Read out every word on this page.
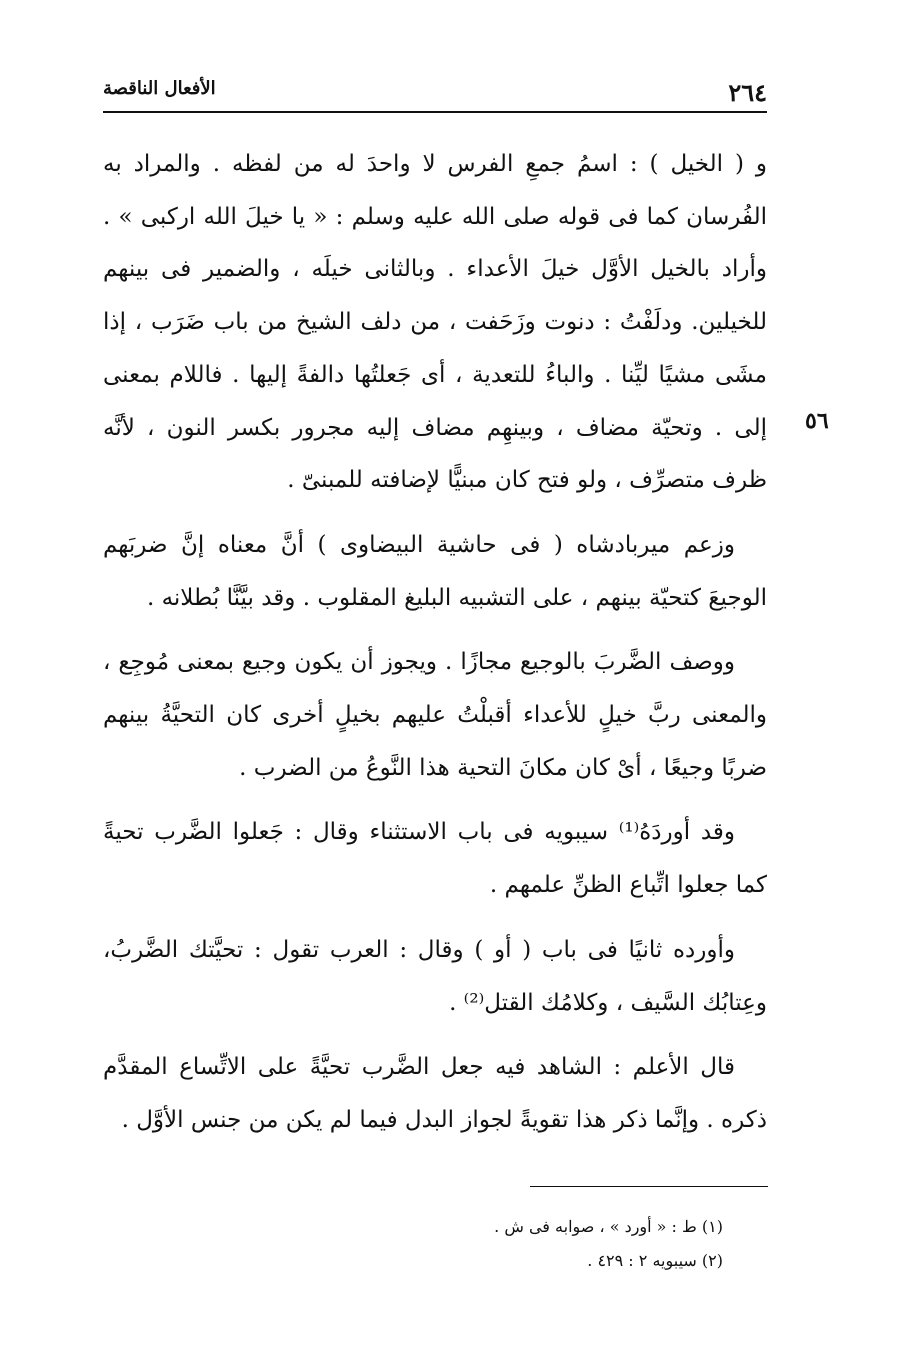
٢٦٤
الأفعال الناقصة
٥٦

و ( الخيل ) : اسمُ جمعِ الفرس لا واحدَ له من لفظه . والمراد به الفُرسان كما فى قوله صلى الله عليه وسلم : « يا خيلَ الله اركبى » . وأراد بالخيل الأوَّل خيلَ الأعداء . وبالثانى خيلَه ، والضمير فى بينهم للخيلين. ودلَفْتُ : دنوت وزَحَفت ، من دلف الشيخ من باب ضَرَب ، إذا مشَى مشيًا ليِّنا . والباءُ للتعدية ، أى جَعلتُها دالفةً إليها . فاللام بمعنى إلى . وتحيّة مضاف ، وبينهِم مضاف إليه مجرور بكسر النون ، لأنَّه ظرف متصرِّف ، ولو فتح كان مبنيًّا لإضافته للمبنىّ .

وزعم ميربادشاه ( فى حاشية البيضاوى ) أنَّ معناه إنَّ ضربَهم الوجيعَ كتحيّة بينهم ، على التشبيه البليغ المقلوب . وقد بيَّنَّا بُطلانه .

ووصف الضَّربَ بالوجيع مجازًا . ويجوز أن يكون وجيع بمعنى مُوجِع ، والمعنى ربَّ خيلٍ للأعداء أقبلْتُ عليهم بخيلٍ أخرى كان التحيَّةُ بينهم ضربًا وجيعًا ، أىْ كان مكانَ التحية هذا النَّوعُ من الضرب .

وقد أوردَهُ⁽¹⁾ سيبويه فى باب الاستثناء وقال : جَعلوا الضَّرب تحيةً كما جعلوا اتِّباع الظنِّ علمهم .

وأورده ثانيًا فى باب ( أو ) وقال : العرب تقول : تحيَّتك الضَّربُ، وعِتابُك السَّيف ، وكلامُك القتل⁽²⁾ .

قال الأعلم : الشاهد فيه جعل الضَّرب تحيَّةً على الاتِّساع المقدَّم ذكره . وإنَّما ذكر هذا تقويةً لجواز البدل فيما لم يكن من جنس الأوَّل .

(١) ط : « أورد » ، صوابه فى ش .

(٢) سيبويه ٢ : ٤٢٩ .
